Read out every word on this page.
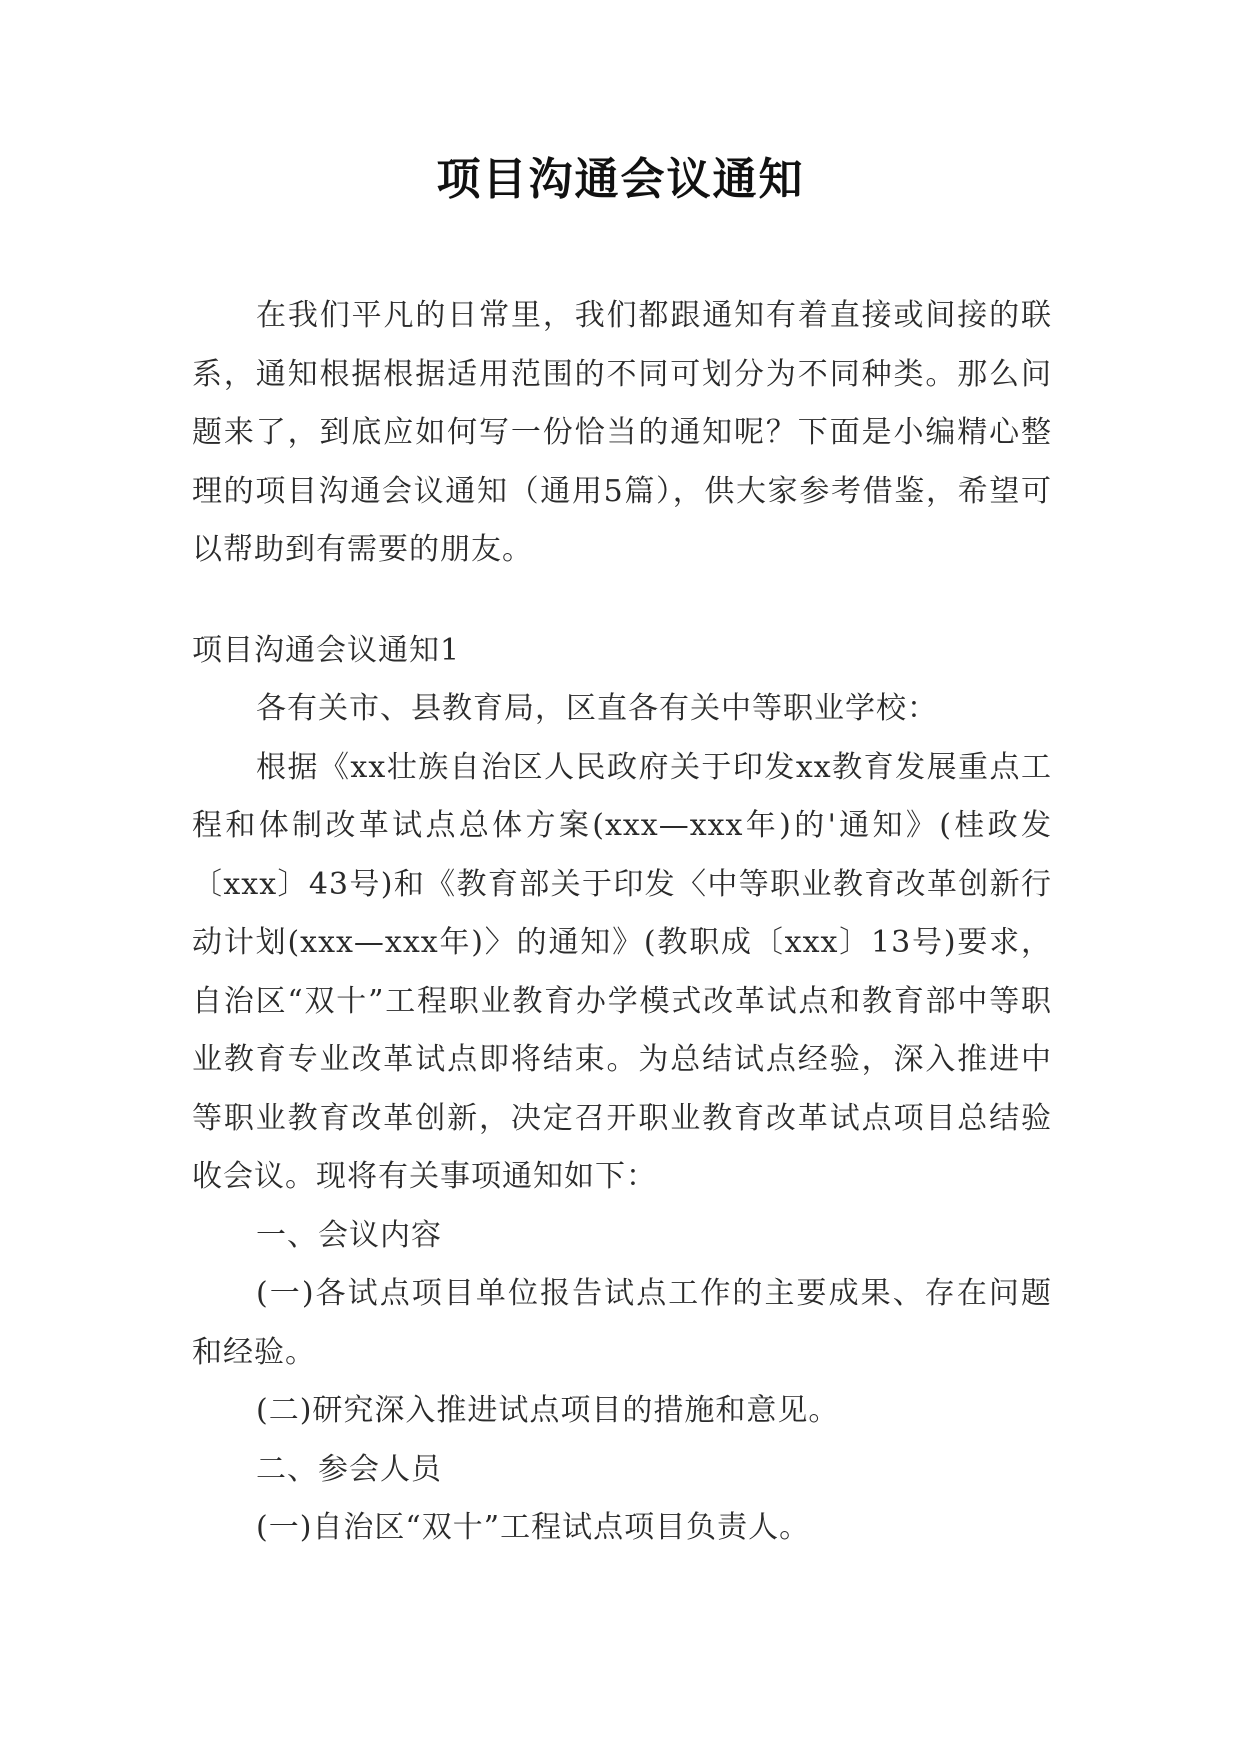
项目沟通会议通知

在我们平凡的日常里，我们都跟通知有着直接或间接的联系，通知根据根据适用范围的不同可划分为不同种类。那么问题来了，到底应如何写一份恰当的通知呢？下面是小编精心整理的项目沟通会议通知（通用5篇），供大家参考借鉴，希望可以帮助到有需要的朋友。

项目沟通会议通知1

各有关市、县教育局，区直各有关中等职业学校：

根据《xx壮族自治区人民政府关于印发xx教育发展重点工程和体制改革试点总体方案(xxx—xxx年)的'通知》(桂政发〔xxx〕43号)和《教育部关于印发〈中等职业教育改革创新行动计划(xxx—xxx年)〉的通知》(教职成〔xxx〕13号)要求，自治区“双十”工程职业教育办学模式改革试点和教育部中等职业教育专业改革试点即将结束。为总结试点经验，深入推进中等职业教育改革创新，决定召开职业教育改革试点项目总结验收会议。现将有关事项通知如下：

一、会议内容

(一)各试点项目单位报告试点工作的主要成果、存在问题和经验。

(二)研究深入推进试点项目的措施和意见。

二、参会人员

(一)自治区“双十”工程试点项目负责人。
